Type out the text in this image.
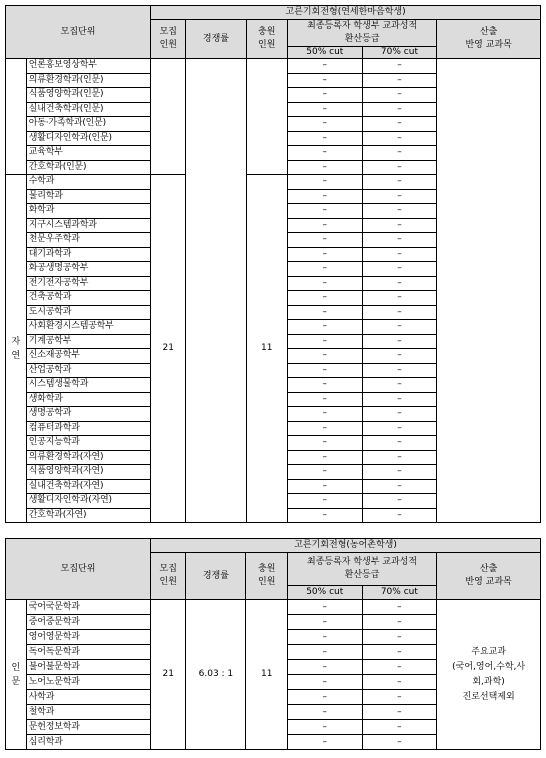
모집단위		고른기회전형(연세한마음학생)					

		모집
인원	경쟁률	충원
인원	최종등록자 학생부 교과성적
환산등급		산출
반영 교과목

					50% cut	70% cut	
	언론홍보영상학부				–	–	
	의류환경학과(인문)				–	–	
	식품영양학과(인문)				–	–	
	실내건축학과(인문)				–	–	
	아동·가족학과(인문)				–	–	
	생활디자인학과(인문)				–	–	
	교육학부				–	–	
	간호학과(인문)				–	–	

자
연	수학과	21		11	–	–	
	물리학과				–	–	
	화학과				–	–	
	지구시스템과학과				–	–	
	천문우주학과				–	–	
	대기과학과				–	–	
	화공생명공학부				–	–	
	전기전자공학부				–	–	
	건축공학과				–	–	
	도시공학과				–	–	
	사회환경시스템공학부				–	–	
	기계공학부				–	–	
	신소재공학부				–	–	
	산업공학과				–	–	
	시스템생물학과				–	–	
	생화학과				–	–	
	생명공학과				–	–	
	컴퓨터과학과				–	–	
	인공지능학과				–	–	
	의류환경학과(자연)				–	–	
	식품영양학과(자연)				–	–	
	실내건축학과(자연)				–	–	
	생활디자인학과(자연)				–	–	
	간호학과(자연)				–	–	
모집단위		고른기회전형(농어촌학생)					

		모집
인원	경쟁률	충원
인원	최종등록자 학생부 교과성적
환산등급		산출
반영 교과목

					50% cut	70% cut	

인
문	국어국문학과	21	6.03 : 1	11	–	–	주요교과
(국어,영어,수학,사
회,과학)
진로선택제외

	중어중문학과				–	–	
	영어영문학과				–	–	
	독어독문학과				–	–	
	불어불문학과				–	–	
	노어노문학과				–	–	
	사학과				–	–	
	철학과				–	–	
	문헌정보학과				–	–	
	심리학과				–	–	
